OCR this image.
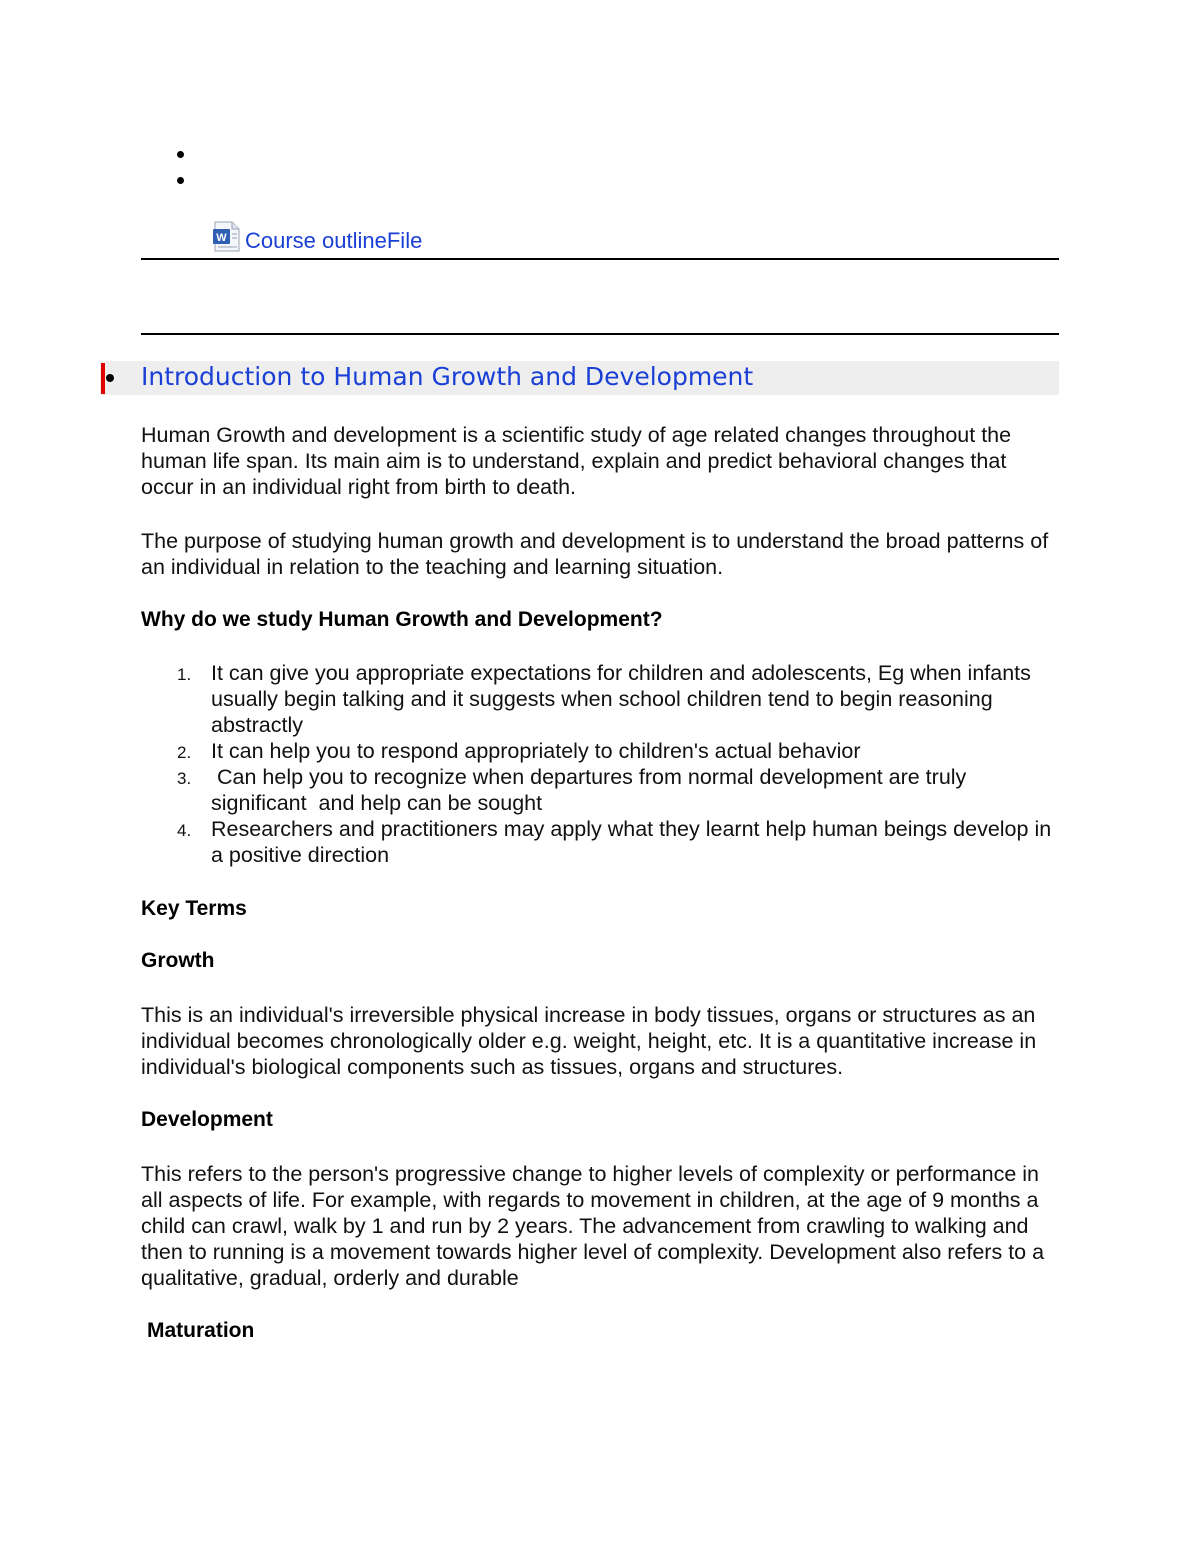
W Course outlineFile
Introduction to Human Growth and Development
Human Growth and development is a scientific study of age related changes throughout the human life span. Its main aim is to understand, explain and predict behavioral changes that occur in an individual right from birth to death.
The purpose of studying human growth and development is to understand the broad patterns of an individual in relation to the teaching and learning situation.
Why do we study Human Growth and Development?
1. It can give you appropriate expectations for children and adolescents, Eg when infants usually begin talking and it suggests when school children tend to begin reasoning abstractly
2. It can help you to respond appropriately to children's actual behavior
3. Can help you to recognize when departures from normal development are truly significant  and help can be sought
4. Researchers and practitioners may apply what they learnt help human beings develop in a positive direction
Key Terms
Growth
This is an individual's irreversible physical increase in body tissues, organs or structures as an individual becomes chronologically older e.g. weight, height, etc. It is a quantitative increase in individual's biological components such as tissues, organs and structures.
Development
This refers to the person's progressive change to higher levels of complexity or performance in all aspects of life. For example, with regards to movement in children, at the age of 9 months a child can crawl, walk by 1 and run by 2 years. The advancement from crawling to walking and then to running is a movement towards higher level of complexity. Development also refers to a qualitative, gradual, orderly and durable
Maturation
